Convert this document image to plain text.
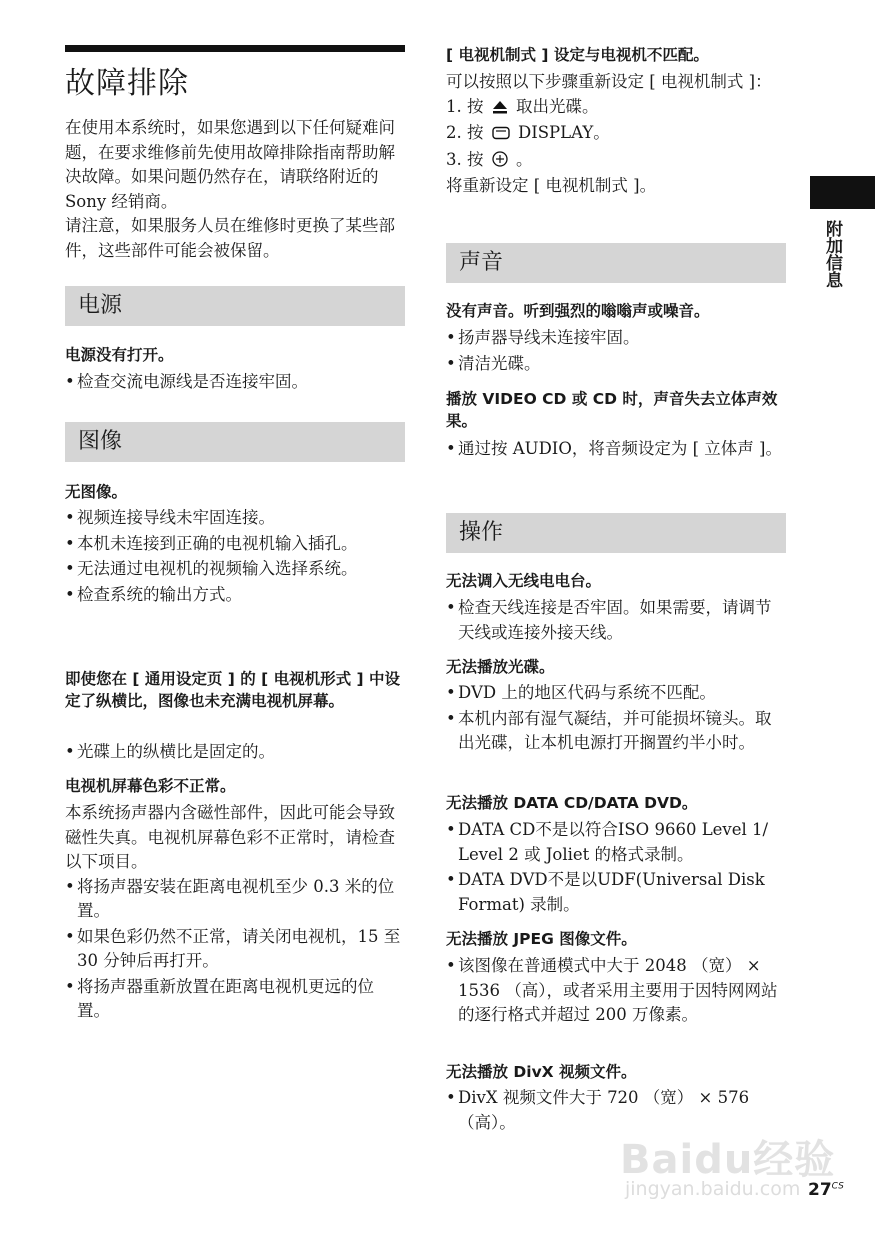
故障排除

在使用本系统时，如果您遇到以下任何疑难问题，在要求维修前先使用故障排除指南帮助解决故障。如果问题仍然存在，请联络附近的 Sony 经销商。

请注意，如果服务人员在维修时更换了某些部件，这些部件可能会被保留。

电源

电源没有打开。

• 检查交流电源线是否连接牢固。
图像

无图像。

• 视频连接导线未牢固连接。
• 本机未连接到正确的电视机输入插孔。
• 无法通过电视机的视频输入选择系统。
• 检查系统的输出方式。

即使您在 [ 通用设定页 ] 的 [ 电视机形式 ] 中设定了纵横比，图像也未充满电视机屏幕。

• 光碟上的纵横比是固定的。

电视机屏幕色彩不正常。

本系统扬声器内含磁性部件，因此可能会导致磁性失真。电视机屏幕色彩不正常时，请检查以下项目。

• 将扬声器安装在距离电视机至少 0.3 米的位置。
• 如果色彩仍然不正常，请关闭电视机，15 至 30 分钟后再打开。
• 将扬声器重新放置在距离电视机更远的位置。

[ 电视机制式 ] 设定与电视机不匹配。

可以按照以下步骤重新设定 [ 电视机制式 ]：

1. 按 取出光碟。
2. 按 DISPLAY。
3. 按 。

将重新设定 [ 电视机制式 ]。

声音

没有声音。听到强烈的嗡嗡声或噪音。

• 扬声器导线未连接牢固。
• 清洁光碟。

播放 VIDEO CD 或 CD 时，声音失去立体声效果。

• 通过按 AUDIO，将音频设定为 [ 立体声 ]。
操作

无法调入无线电电台。

• 检查天线连接是否牢固。如果需要，请调节天线或连接外接天线。

无法播放光碟。

• DVD 上的地区代码与系统不匹配。
• 本机内部有湿气凝结，并可能损坏镜头。取出光碟，让本机电源打开搁置约半小时。

无法播放 DATA CD/DATA DVD。

• DATA CD不是以符合ISO 9660 Level 1/ Level 2 或 Joliet 的格式录制。
• DATA DVD不是以UDF(Universal Disk Format) 录制。

无法播放 JPEG 图像文件。

• 该图像在普通模式中大于 2048 （宽） × 1536 （高），或者采用主要用于因特网网站的逐行格式并超过 200 万像素。

无法播放 DivX 视频文件。

• DivX 视频文件大于 720 （宽） × 576 （高）。
附加信息
Baidu经验
jingyan.baidu.com $27^{CS}$
